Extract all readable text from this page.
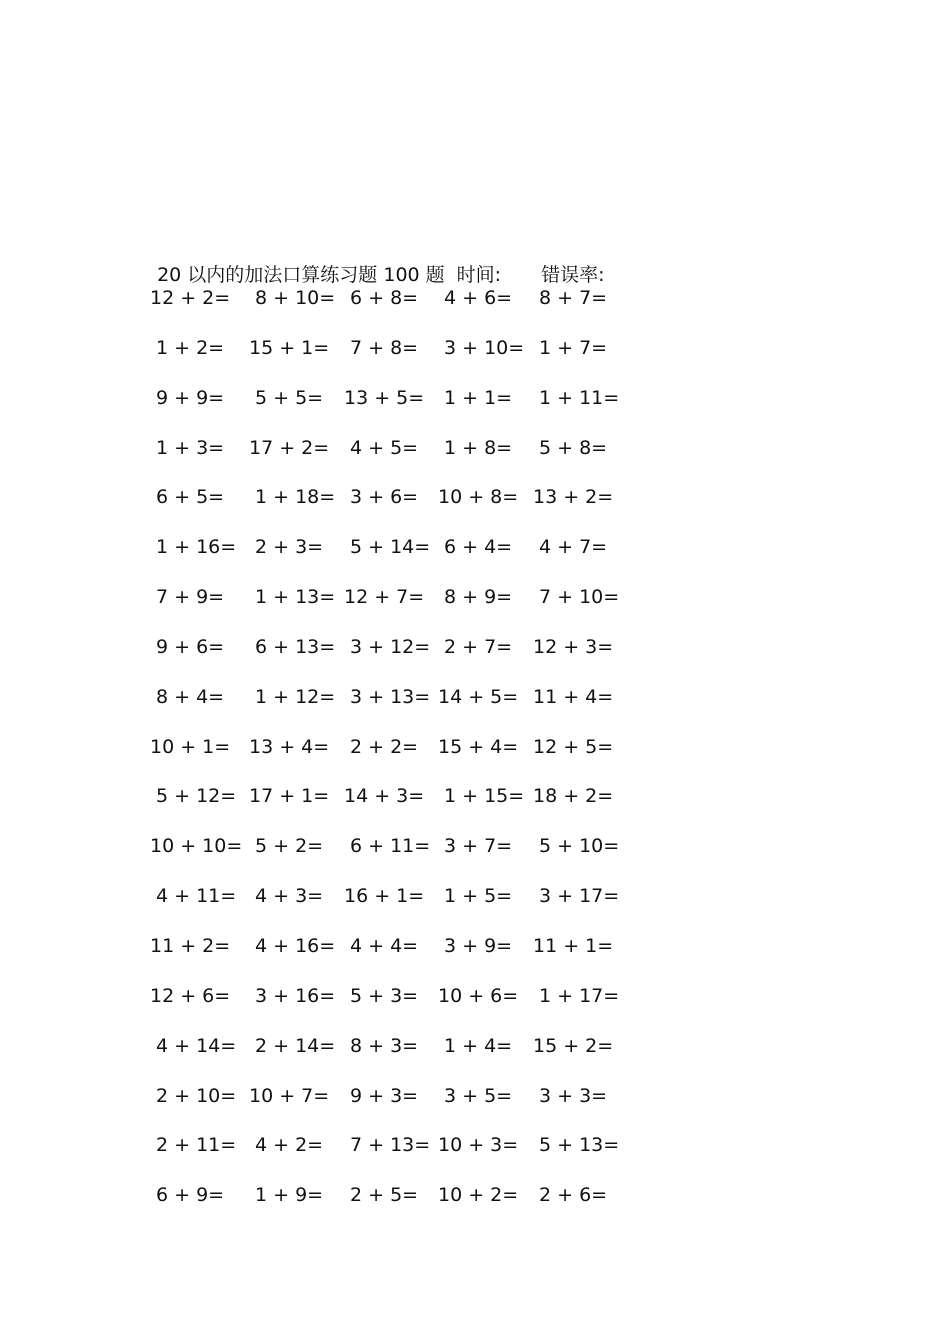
20 以内的加法口算练习题 100 题 时间: 错误率:

12 + 2= 8 + 10= 6 + 8= 4 + 6= 8 + 7=
1 + 2= 15 + 1= 7 + 8= 3 + 10= 1 + 7=
9 + 9= 5 + 5= 13 + 5= 1 + 1= 1 + 11=
1 + 3= 17 + 2= 4 + 5= 1 + 8= 5 + 8=
6 + 5= 1 + 18= 3 + 6= 10 + 8= 13 + 2=
1 + 16= 2 + 3= 5 + 14= 6 + 4= 4 + 7=
7 + 9= 1 + 13= 12 + 7= 8 + 9= 7 + 10=
9 + 6= 6 + 13= 3 + 12= 2 + 7= 12 + 3=
8 + 4= 1 + 12= 3 + 13= 14 + 5= 11 + 4=
10 + 1= 13 + 4= 2 + 2= 15 + 4= 12 + 5=
5 + 12= 17 + 1= 14 + 3= 1 + 15= 18 + 2=
10 + 10= 5 + 2= 6 + 11= 3 + 7= 5 + 10=
4 + 11= 4 + 3= 16 + 1= 1 + 5= 3 + 17=
11 + 2= 4 + 16= 4 + 4= 3 + 9= 11 + 1=
12 + 6= 3 + 16= 5 + 3= 10 + 6= 1 + 17=
4 + 14= 2 + 14= 8 + 3= 1 + 4= 15 + 2=
2 + 10= 10 + 7= 9 + 3= 3 + 5= 3 + 3=
2 + 11= 4 + 2= 7 + 13= 10 + 3= 5 + 13=
6 + 9= 1 + 9= 2 + 5= 10 + 2= 2 + 6=
